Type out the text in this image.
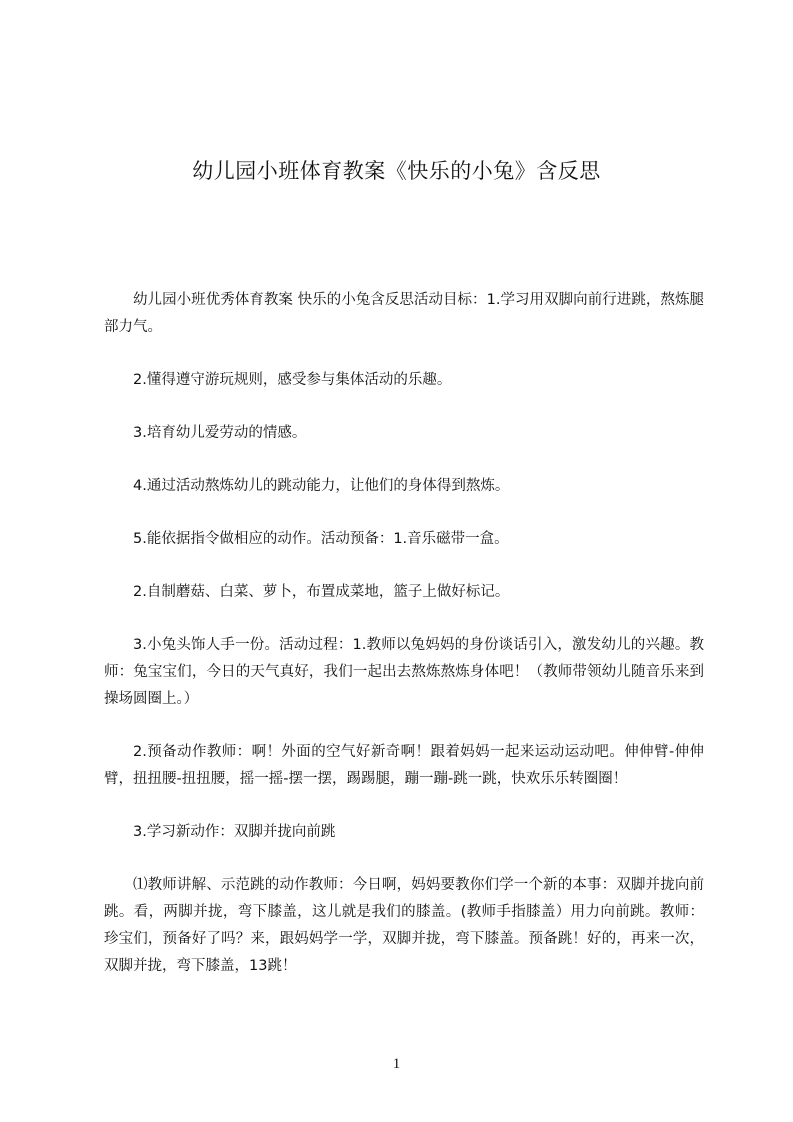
幼儿园小班体育教案《快乐的小兔》含反思

幼儿园小班优秀体育教案 快乐的小兔含反思活动目标：1.学习用双脚向前行进跳，熬炼腿部力气。

2.懂得遵守游玩规则，感受参与集体活动的乐趣。

3.培育幼儿爱劳动的情感。

4.通过活动熬炼幼儿的跳动能力，让他们的身体得到熬炼。

5.能依据指令做相应的动作。活动预备：1.音乐磁带一盒。

2.自制蘑菇、白菜、萝卜，布置成菜地，篮子上做好标记。

3.小兔头饰人手一份。活动过程：1.教师以兔妈妈的身份谈话引入，激发幼儿的兴趣。教师：兔宝宝们，今日的天气真好，我们一起出去熬炼熬炼身体吧！（教师带领幼儿随音乐来到操场圆圈上。）

2.预备动作教师：啊！外面的空气好新奇啊！跟着妈妈一起来运动运动吧。伸伸臂-伸伸臂，扭扭腰-扭扭腰，摇一摇-摆一摆，踢踢腿，蹦一蹦-跳一跳，快欢乐乐转圈圈！

3.学习新动作：双脚并拢向前跳

⑴教师讲解、示范跳的动作教师：今日啊，妈妈要教你们学一个新的本事：双脚并拢向前跳。看，两脚并拢，弯下膝盖，这儿就是我们的膝盖。(教师手指膝盖）用力向前跳。教师：珍宝们，预备好了吗？来，跟妈妈学一学，双脚并拢，弯下膝盖。预备跳！好的，再来一次，双脚并拢，弯下膝盖，13跳！

1
